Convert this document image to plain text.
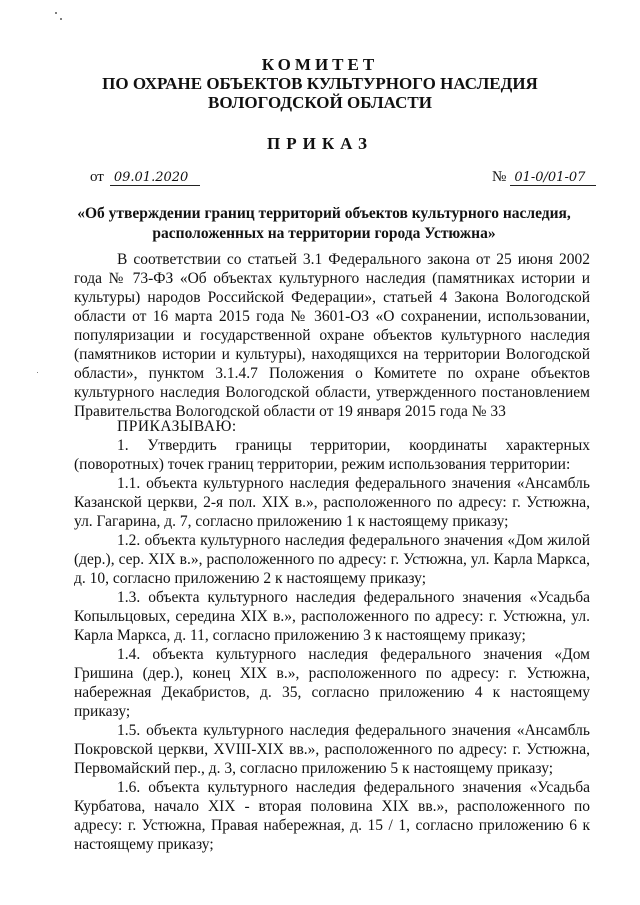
КОМИТЕТ
ПО ОХРАНЕ ОБЪЕКТОВ КУЛЬТУРНОГО НАСЛЕДИЯ
ВОЛОГОДСКОЙ ОБЛАСТИ
ПРИКАЗ
от 09.01.2020	№ 01-0/01-07
«Об утверждении границ территорий объектов культурного наследия, расположенных на территории города Устюжна»

В соответствии со статьей 3.1 Федерального закона от 25 июня 2002 года № 73-ФЗ «Об объектах культурного наследия (памятниках истории и культуры) народов Российской Федерации», статьей 4 Закона Вологодской области от 16 марта 2015 года № 3601-ОЗ «О сохранении, использовании, популяризации и государственной охране объектов культурного наследия (памятников истории и культуры), находящихся на территории Вологодской области», пунктом 3.1.4.7 Положения о Комитете по охране объектов культурного наследия Вологодской области, утвержденного постановлением Правительства Вологодской области от 19 января 2015 года № 33

ПРИКАЗЫВАЮ:

1. Утвердить границы территории, координаты характерных (поворотных) точек границ территории, режим использования территории:

1.1. объекта культурного наследия федерального значения «Ансамбль Казанской церкви, 2-я пол. XIX в.», расположенного по адресу: г. Устюжна, ул. Гагарина, д. 7, согласно приложению 1 к настоящему приказу;

1.2. объекта культурного наследия федерального значения «Дом жилой (дер.), сер. XIX в.», расположенного по адресу: г. Устюжна, ул. Карла Маркса, д. 10, согласно приложению 2 к настоящему приказу;

1.3. объекта культурного наследия федерального значения «Усадьба Копыльцовых, середина XIX в.», расположенного по адресу: г. Устюжна, ул. Карла Маркса, д. 11, согласно приложению 3 к настоящему приказу;

1.4. объекта культурного наследия федерального значения «Дом Гришина (дер.), конец XIX в.», расположенного по адресу: г. Устюжна, набережная Декабристов, д. 35, согласно приложению 4 к настоящему приказу;

1.5. объекта культурного наследия федерального значения «Ансамбль Покровской церкви, XVIII-XIX вв.», расположенного по адресу: г. Устюжна, Первомайский пер., д. 3, согласно приложению 5 к настоящему приказу;

1.6. объекта культурного наследия федерального значения «Усадьба Курбатова, начало XIX - вторая половина XIX вв.», расположенного по адресу: г. Устюжна, Правая набережная, д. 15 / 1, согласно приложению 6 к настоящему приказу;
